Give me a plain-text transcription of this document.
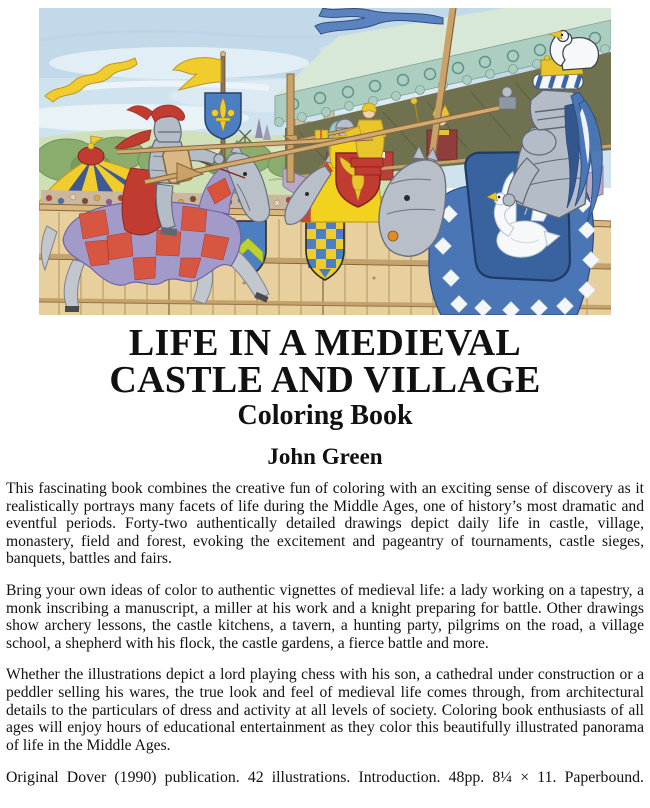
LIFE IN A MEDIEVAL
CASTLE AND VILLAGE
Coloring Book
John Green

This fascinating book combines the creative fun of coloring with an exciting sense of discovery as it realistically portrays many facets of life during the Middle Ages, one of history’s most dramatic and eventful periods. Forty-two authentically detailed drawings depict daily life in castle, village, monastery, field and forest, evoking the excitement and pageantry of tournaments, castle sieges, banquets, battles and fairs.

Bring your own ideas of color to authentic vignettes of medieval life: a lady working on a tapestry, a monk inscribing a manuscript, a miller at his work and a knight preparing for battle. Other drawings show archery lessons, the castle kitchens, a tavern, a hunting party, pilgrims on the road, a village school, a shepherd with his flock, the castle gardens, a fierce battle and more.

Whether the illustrations depict a lord playing chess with his son, a cathedral under construction or a peddler selling his wares, the true look and feel of medieval life comes through, from architectural details to the particulars of dress and activity at all levels of society. Coloring book enthusiasts of all ages will enjoy hours of educational entertainment as they color this beautifully illustrated panorama of life in the Middle Ages.

Original Dover (1990) publication. 42 illustrations. Introduction. 48pp. 8¼ × 11. Paperbound.
